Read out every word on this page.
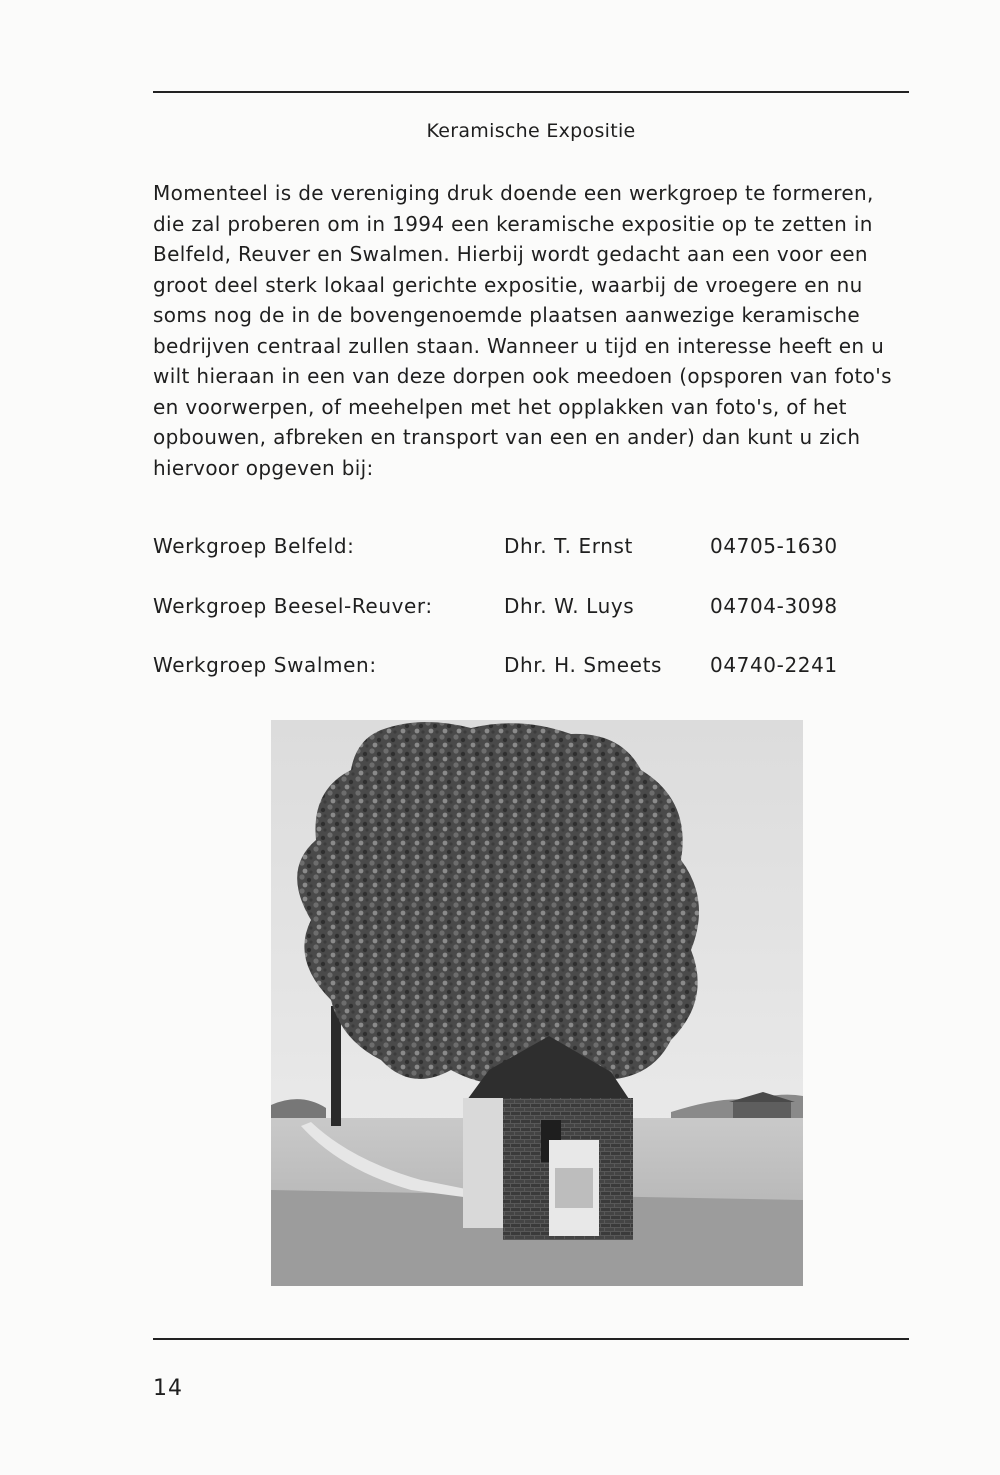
Keramische Expositie

Momenteel is de vereniging druk doende een werkgroep te formeren, die zal proberen om in 1994 een keramische expositie op te zetten in Belfeld, Reuver en Swalmen. Hierbij wordt gedacht aan een voor een groot deel sterk lokaal gerichte expositie, waarbij de vroegere en nu soms nog de in de bovengenoemde plaatsen aanwezige keramische bedrijven centraal zullen staan. Wanneer u tijd en interesse heeft en u wilt hieraan in een van deze dorpen ook meedoen (opsporen van foto's en voorwerpen, of meehelpen met het opplakken van foto's, of het opbouwen, afbreken en transport van een en ander) dan kunt u zich hiervoor opgeven bij:

Werkgroep Belfeld:	Dhr. T. Ernst	04705-1630
Werkgroep Beesel-Reuver:	Dhr. W. Luys	04704-3098
Werkgroep Swalmen:	Dhr. H. Smeets 04740-2241
14
